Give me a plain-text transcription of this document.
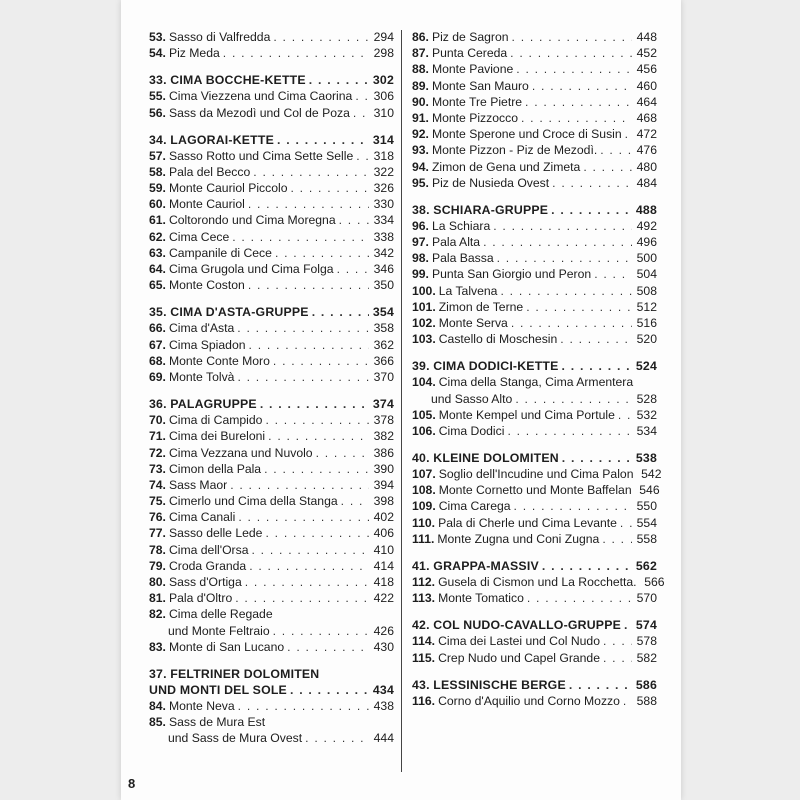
53. Sasso di Valfredda . . .	294
54. Piz Meda . . .	298
33. CIMA BOCCHE-KETTE . . .	302
55. Cima Viezzena und Cima Caorina . . . 306
56. Sass da Mezodì und Col de Poza . . . 310
34. LAGORAI-KETTE . . .	314
57. Sasso Rotto und Cima Sette Selle . . . 318
58. Pala del Becco . . .	322
59. Monte Cauriol Piccolo . . .	326
60. Monte Cauriol . . .	330
61. Coltorondo und Cima Moregna . . .	334
62. Cima Cece . . .	338
63. Campanile di Cece . . .	342
64. Cima Grugola und Cima Folga . . .	346
65. Monte Coston . . .	350
35. CIMA D'ASTA-GRUPPE . . .	354
66. Cima d'Asta . . .	358
67. Cima Spiadon . . .	362
68. Monte Conte Moro . . .	366
69. Monte Tolvà . . .	370
36. PALAGRUPPE . . .	374
70. Cima di Campido . . .	378
71. Cima dei Bureloni . . .	382
72. Cima Vezzana und Nuvolo . . .	386
73. Cimon della Pala . . .	390
74. Sass Maor . . .	394
75. Cimerlo und Cima della Stanga . . .	398
76. Cima Canali . . .	402
77. Sasso delle Lede . . .	406
78. Cima dell'Orsa . . .	410
79. Croda Granda . . .	414
80. Sass d'Ortiga . . .	418
81. Pala d'Oltro . . .	422
82. Cima delle Regade
und Monte Feltraio . . .	426
83. Monte di San Lucano . . .	430
37. FELTRINER DOLOMITEN
UND MONTI DEL SOLE . . .	434
84. Monte Neva . . .	438
85. Sass de Mura Est
und Sass de Mura Ovest . . .	444
86. Piz de Sagron . . .	448
87. Punta Cereda . . .	452
88. Monte Pavione . . .	456
89. Monte San Mauro . . .	460
90. Monte Tre Pietre . . .	464
91. Monte Pizzocco . . .	468
92. Monte Sperone und Croce di Susin . . . 472
93. Monte Pizzon - Piz de Mezodì. . . .	476
94. Zimon de Gena und Zimeta . . .	480
95. Piz de Nusieda Ovest . . .	484
38. SCHIARA-GRUPPE . . .	488
96. La Schiara . . .	492
97. Pala Alta . . .	496
98. Pala Bassa . . .	500
99. Punta San Giorgio und Peron . . .	504
100. La Talvena . . .	508
101. Zimon de Terne . . .	512
102. Monte Serva . . .	516
103. Castello di Moschesin . . .	520
39. CIMA DODICI-KETTE . . .	524
104. Cima della Stanga, Cima Armentera
und Sasso Alto . . .	528
105. Monte Kempel und Cima Portule . . . 532
106. Cima Dodici . . .	534
40. KLEINE DOLOMITEN . . .	538
107. Soglio dell'Incudine und Cima Palon 542
108. Monte Cornetto und Monte Baffelan 546
109. Cima Carega . . .	550
110. Pala di Cherle und Cima Levante . . . 554
111. Monte Zugna und Coni Zugna . . .	558
41. GRAPPA-MASSIV . . .	562
112. Gusela di Cismon und La Rocchetta. 566
113. Monte Tomatico . . .	570
42. COL NUDO-CAVALLO-GRUPPE . . . 574
114. Cima dei Lastei und Col Nudo . . .	578
115. Crep Nudo und Capel Grande . . .	582
43. LESSINISCHE BERGE . . .	586
116. Corno d'Aquilio und Corno Mozzo . . . 588
8
